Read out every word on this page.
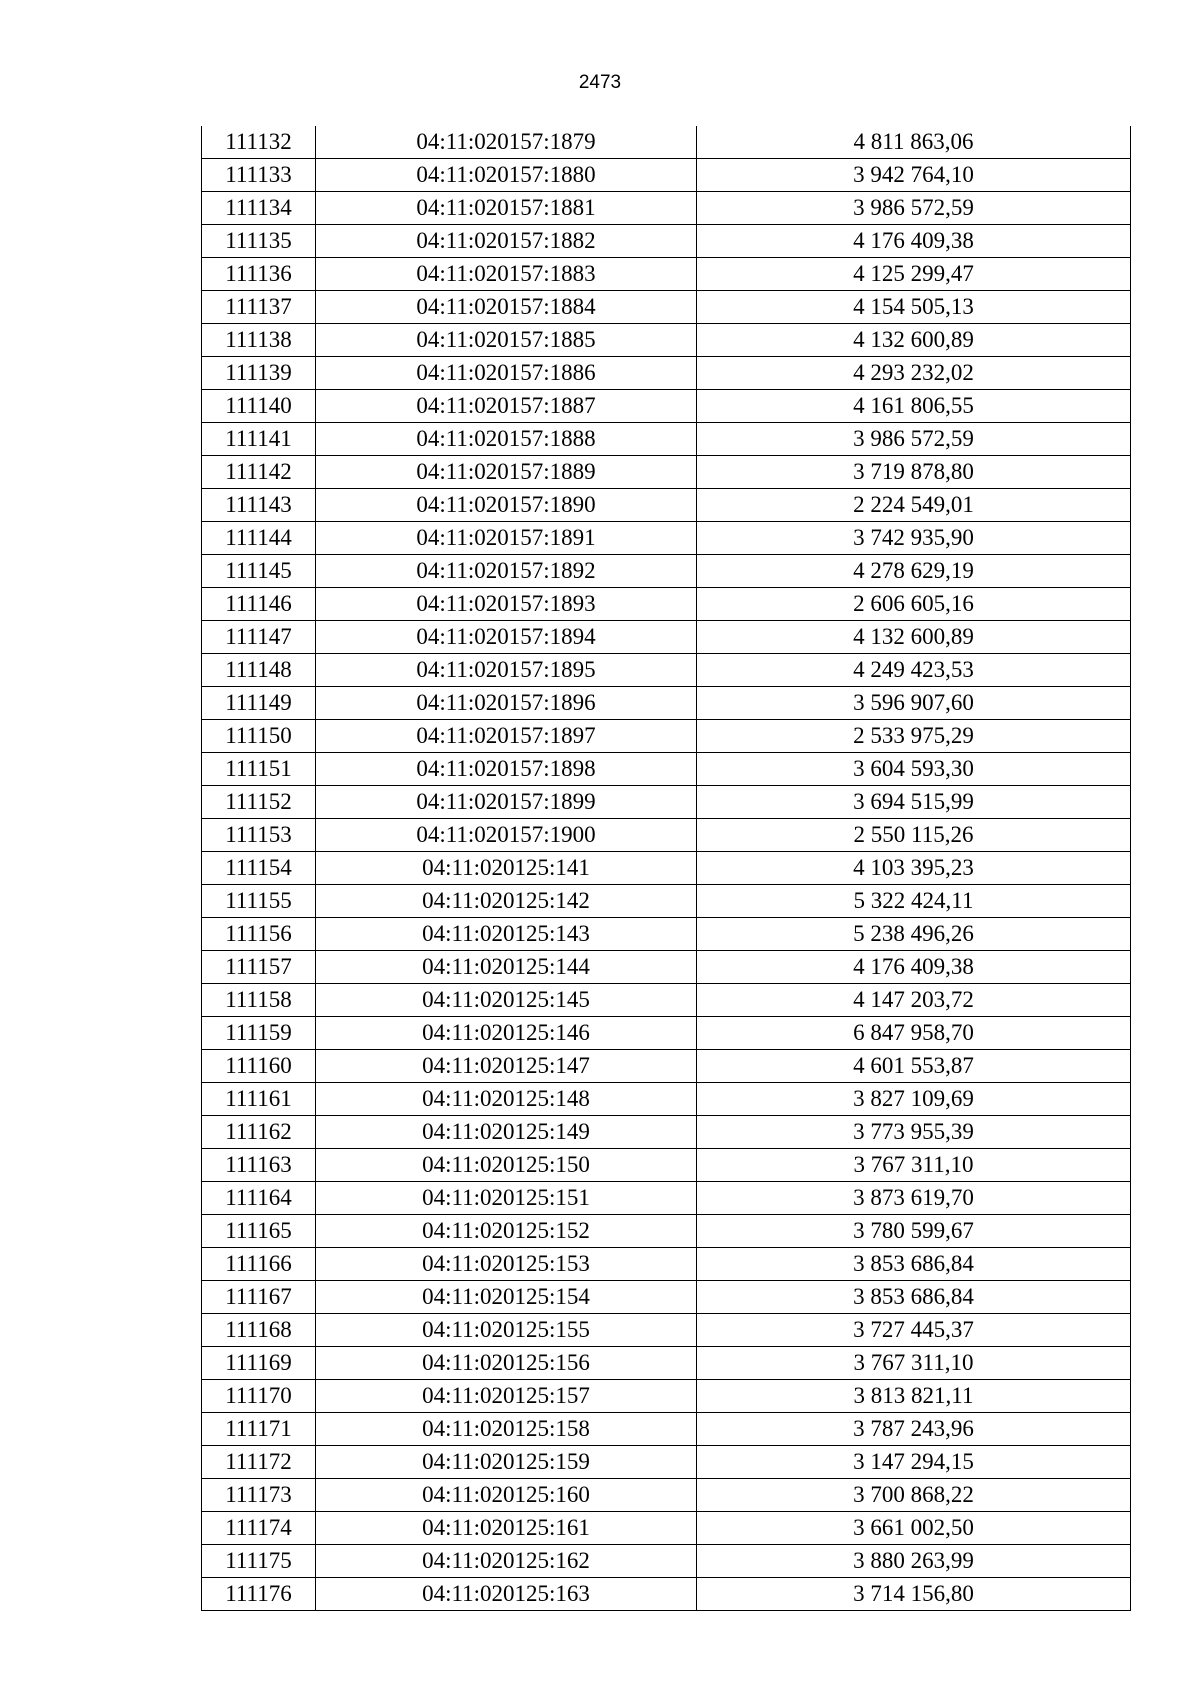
2473
111132	04:11:020157:1879	4 811 863,06
111133	04:11:020157:1880	3 942 764,10
111134	04:11:020157:1881	3 986 572,59
111135	04:11:020157:1882	4 176 409,38
111136	04:11:020157:1883	4 125 299,47
111137	04:11:020157:1884	4 154 505,13
111138	04:11:020157:1885	4 132 600,89
111139	04:11:020157:1886	4 293 232,02
111140	04:11:020157:1887	4 161 806,55
111141	04:11:020157:1888	3 986 572,59
111142	04:11:020157:1889	3 719 878,80
111143	04:11:020157:1890	2 224 549,01
111144	04:11:020157:1891	3 742 935,90
111145	04:11:020157:1892	4 278 629,19
111146	04:11:020157:1893	2 606 605,16
111147	04:11:020157:1894	4 132 600,89
111148	04:11:020157:1895	4 249 423,53
111149	04:11:020157:1896	3 596 907,60
111150	04:11:020157:1897	2 533 975,29
111151	04:11:020157:1898	3 604 593,30
111152	04:11:020157:1899	3 694 515,99
111153	04:11:020157:1900	2 550 115,26
111154	04:11:020125:141	4 103 395,23
111155	04:11:020125:142	5 322 424,11
111156	04:11:020125:143	5 238 496,26
111157	04:11:020125:144	4 176 409,38
111158	04:11:020125:145	4 147 203,72
111159	04:11:020125:146	6 847 958,70
111160	04:11:020125:147	4 601 553,87
111161	04:11:020125:148	3 827 109,69
111162	04:11:020125:149	3 773 955,39
111163	04:11:020125:150	3 767 311,10
111164	04:11:020125:151	3 873 619,70
111165	04:11:020125:152	3 780 599,67
111166	04:11:020125:153	3 853 686,84
111167	04:11:020125:154	3 853 686,84
111168	04:11:020125:155	3 727 445,37
111169	04:11:020125:156	3 767 311,10
111170	04:11:020125:157	3 813 821,11
111171	04:11:020125:158	3 787 243,96
111172	04:11:020125:159	3 147 294,15
111173	04:11:020125:160	3 700 868,22
111174	04:11:020125:161	3 661 002,50
111175	04:11:020125:162	3 880 263,99
111176	04:11:020125:163	3 714 156,80
